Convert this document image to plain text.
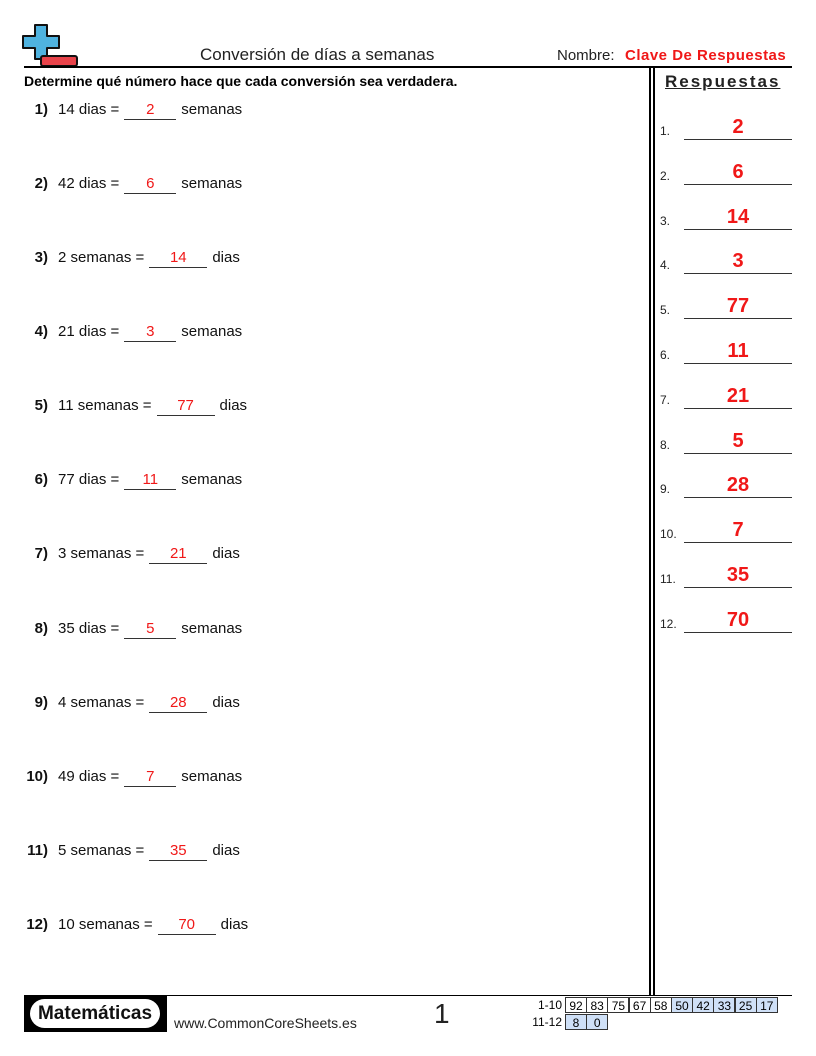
Conversión de días a semanas	Nombre: Clave De Respuestas
Determine qué número hace que cada conversión sea verdadera.	Respuestas
1) 14 dias =	2	semanas
2) 42 dias =	6	semanas
3) 2 semanas =	14	dias
4) 21 dias =	3	semanas
5) 11 semanas =	77	dias
6) 77 dias =	11	semanas
7) 3 semanas =	21	dias
8) 35 dias =	5	semanas
9) 4 semanas =	28	dias
10) 49 dias =	7	semanas
11) 5 semanas =	35	dias
12) 10 semanas =	70	dias
1.	2
2.	6
3.	14
4.	3
5.	77
6.	11
7.	21
8.	5
9.	28
10.	7
11.	35
12.	70
Matemáticas	www.CommonCoreSheets.es	1	1-10 92 83 75 67 58 50 42 33 25 17
11-12 8	0
